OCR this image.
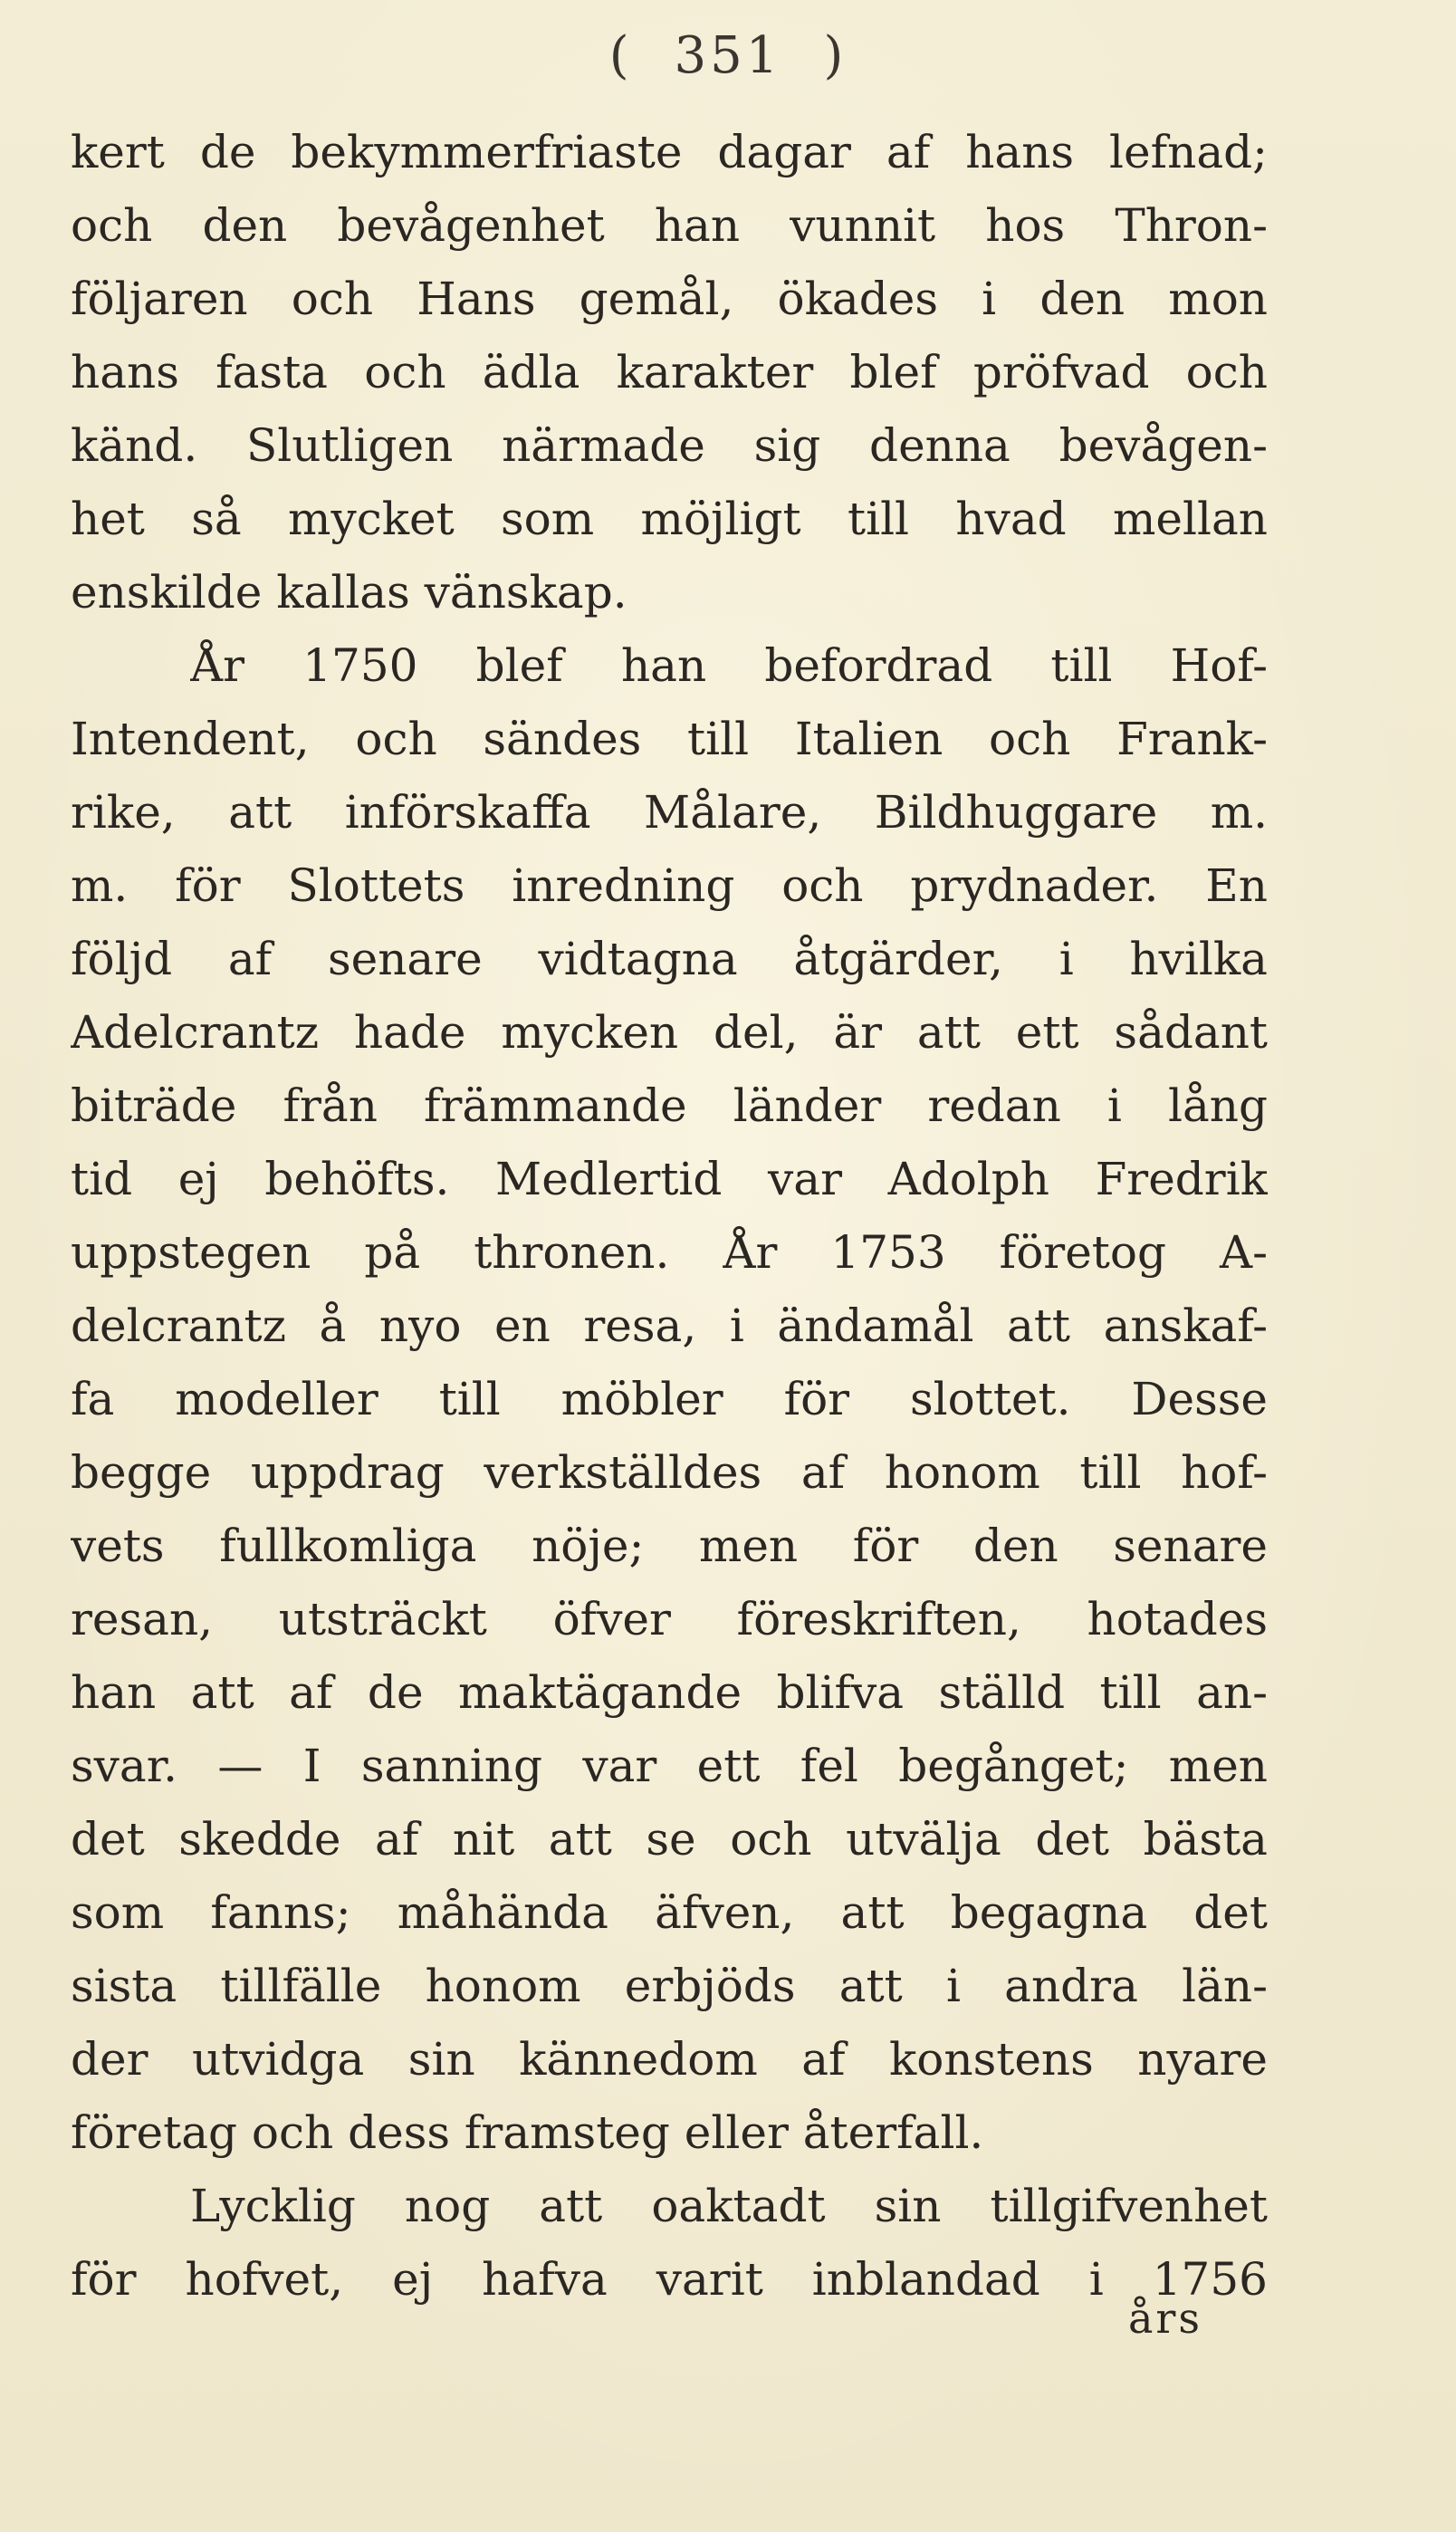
( 351 )
kert de bekymmerfriaste dagar af hans lefnad;
och den bevågenhet han vunnit hos Thron-
följaren och Hans gemål, ökades i den mon
hans fasta och ädla karakter blef pröfvad och
känd. Slutligen närmade sig denna bevågen-
het så mycket som möjligt till hvad mellan
enskilde kallas vänskap.
År 1750 blef han befordrad till Hof-
Intendent, och sändes till Italien och Frank-
rike, att införskaffa Målare, Bildhuggare m.
m. för Slottets inredning och prydnader. En
följd af senare vidtagna åtgärder, i hvilka
Adelcrantz hade mycken del, är att ett sådant
biträde från främmande länder redan i lång
tid ej behöfts. Medlertid var Adolph Fredrik
uppstegen på thronen. År 1753 företog A-
delcrantz å nyo en resa, i ändamål att anskaf-
fa modeller till möbler för slottet. Desse
begge uppdrag verkställdes af honom till hof-
vets fullkomliga nöje; men för den senare
resan, utsträckt öfver föreskriften, hotades
han att af de maktägande blifva ställd till an-
svar. — I sanning var ett fel begånget; men
det skedde af nit att se och utvälja det bästa
som fanns; måhända äfven, att begagna det
sista tillfälle honom erbjöds att i andra län-
der utvidga sin kännedom af konstens nyare
företag och dess framsteg eller återfall.
Lycklig nog att oaktadt sin tillgifvenhet
för hofvet, ej hafva varit inblandad i 1756
års
